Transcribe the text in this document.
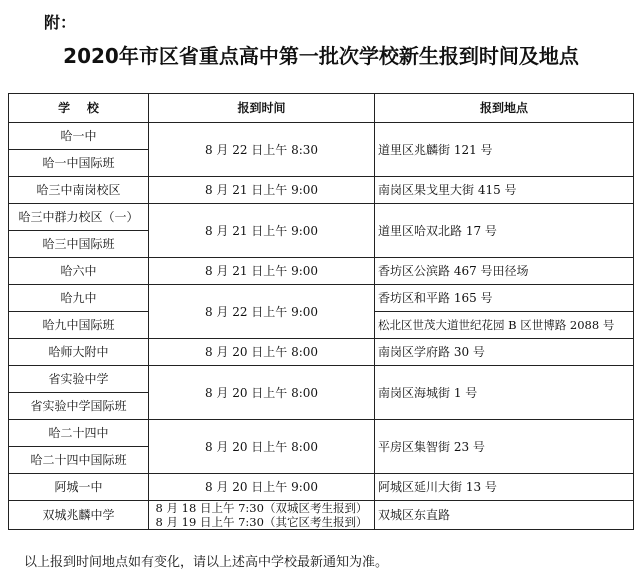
附：
2020年市区省重点高中第一批次学校新生报到时间及地点
学    校	报到时间	报到地点
哈一中	8 月 22 日上午 8:30	道里区兆麟街 121 号
哈一中国际班		
哈三中南岗校区	8 月 21 日上午 9:00	南岗区果戈里大街 415 号
哈三中群力校区（一）	8 月 21 日上午 9:00	道里区哈双北路 17 号
哈三中国际班		
哈六中	8 月 21 日上午 9:00	香坊区公滨路 467 号田径场
哈九中	8 月 22 日上午 9:00	香坊区和平路 165 号
哈九中国际班		松北区世茂大道世纪花园 B 区世博路 2088 号
哈师大附中	8 月 20 日上午 8:00	南岗区学府路 30 号
省实验中学	8 月 20 日上午 8:00	南岗区海城街 1 号
省实验中学国际班		
哈二十四中	8 月 20 日上午 8:00	平房区集智街 23 号
哈二十四中国际班		
阿城一中	8 月 20 日上午 9:00	阿城区延川大街 13 号
双城兆麟中学	8 月 18 日上午 7:30（双城区考生报到）
8 月 19 日上午 7:30（其它区考生报到）	双城区东直路
以上报到时间地点如有变化，请以上述高中学校最新通知为准。
